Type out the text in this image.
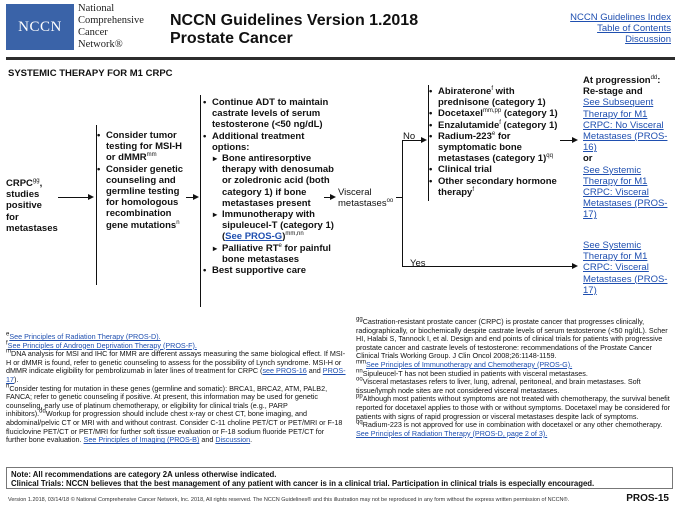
NCCN
National
Comprehensive
Cancer
Network®
NCCN Guidelines Version 1.2018
Prostate Cancer
NCCN Guidelines Index
Table of Contents
Discussion
SYSTEMIC THERAPY FOR M1 CRPC
$CRPC^{gg}$, studies
positive
for
metastases
• Consider tumor testing for MSI-H or dMMR$^{mm}$
• Consider genetic counseling and germline testing for homologous recombination gene mutations$^n$
• Continue ADT to maintain castrate levels of serum testosterone (<50 ng/dL)
• Additional treatment options:
▸ Bone antiresorptive therapy with denosumab or zoledronic acid (both category 1) if bone metastases present
▸ Immunotherapy with sipuleucel-T (category 1) (See PROS-G)$^{mm,nn}$
▸ Palliative $RT^e$ for painful bone metastases
• Best supportive care
Visceral metastases$^{oo}$
No
Yes
• Abiraterone$^f$ with
prednisone (category 1)
• Docetaxel$^{mm,pp}$ (category 1)
• Enzalutamide$^f$ (category 1)
• Radium-223e for
symptomatic bone metastases (category 1)$^{qq}$
• Clinical trial
• Other secondary hormone therapy$^f$
At progression$^{dd}$:
Re-stage and
See Subsequent Therapy for M1 CRPC: No Visceral Metastases (PROS-16)
or
See Systemic Therapy for M1 CRPC: Visceral Metastases (PROS-17)
See Systemic Therapy for M1 CRPC: Visceral Metastases (PROS-17)

$^e$See Principles of Radiation Therapy (PROS-D).

$^f$See Principles of Androgen Deprivation Therapy (PROS-F).

$^m$DNA analysis for MSI and IHC for MMR are different assays measuring the same biological effect. If MSI-H or dMMR is found, refer to genetic counseling to assess for the possibility of Lynch syndrome. MSI-H or dMMR indicate eligibility for pembrolizumab in later lines of treatment for CRPC (see PROS-16 and PROS-17).

$^n$Consider testing for mutation in these genes (germline and somatic): BRCA1, BRCA2, ATM, PALB2, FANCA; refer to genetic counseling if positive. At present, this information may be used for genetic counseling, early use of platinum chemotherapy, or eligibility for clinical trials (e.g., PARP inhibitors).$^{dd}$Workup for progression should include chest x-ray or chest CT, bone imaging, and abdominal/pelvic CT or MRI with and without contrast. Consider C-11 choline PET/CT or PET/MRI or F-18 fluciclovine PET/CT or PET/MRI for further soft tissue evaluation or F-18 sodium fluoride PET/CT for further bone evaluation. See Principles of Imaging (PROS-B) and Discussion.

$^{gg}$Castration-resistant prostate cancer (CRPC) is prostate cancer that progresses clinically, radiographically, or biochemically despite castrate levels of serum testosterone (<50 ng/dL). Scher HI, Halabi S, Tannock I, et al. Design and end points of clinical trials for patients with progressive prostate cancer and castrate levels of testosterone: recommendations of the Prostate Cancer Clinical Trials Working Group. J Clin Oncol 2008;26:1148-1159.

$^{mm}$See Principles of Immunotherapy and Chemotherapy (PROS-G).

$^{nn}$Sipuleucel-T has not been studied in patients with visceral metastases.

$^{oo}$Visceral metastases refers to liver, lung, adrenal, peritoneal, and brain metastases. Soft tissue/lymph node sites are not considered visceral metastases.

$^{pp}$Although most patients without symptoms are not treated with chemotherapy, the survival benefit reported for docetaxel applies to those with or without symptoms. Docetaxel may be considered for patients with signs of rapid progression or visceral metastases despite lack of symptoms.

$^{qq}$Radium-223 is not approved for use in combination with docetaxel or any other chemotherapy. See Principles of Radiation Therapy (PROS-D, page 2 of 3).

Note: All recommendations are category 2A unless otherwise indicated.
Clinical Trials: NCCN believes that the best management of any patient with cancer is in a clinical trial. Participation in clinical trials is especially encouraged.
Version 1.2018, 03/14/18 © National Comprehensive Cancer Network, Inc. 2018, All rights reserved. The NCCN Guidelines® and this illustration may not be reproduced in any form without the express written permission of NCCN®.	PROS-15
